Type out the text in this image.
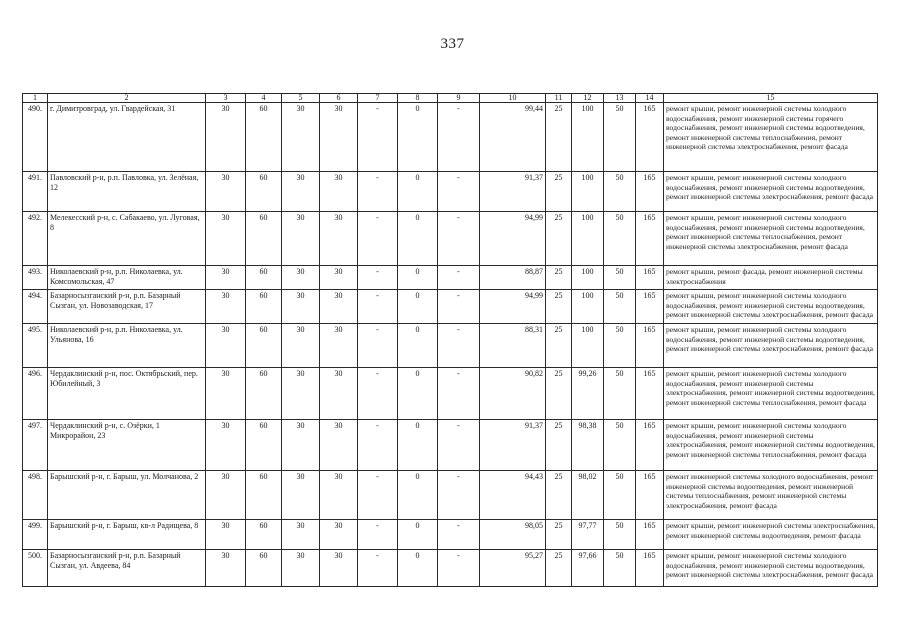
337
1	2	3	4	5	6	7	8	9	10	11	12	13	14	15
490.	г. Димитровград, ул. Гвардейская, 31	30	60	30	30	-	0	-	99,44	25	100	50	165	ремонт крыши, ремонт инженерной системы холодного водоснабжения, ремонт инженерной системы горячего водоснабжения, ремонт инженерной системы водоотведения, ремонт инженерной системы теплоснабжения, ремонт инженерной системы электроснабжения, ремонт фасада
491.	Павловский р-н, р.п. Павловка, ул. Зелёная, 12	30	60	30	30	-	0	-	91,37	25	100	50	165	ремонт крыши, ремонт инженерной системы холодного водоснабжения, ремонт инженерной системы водоотведения, ремонт инженерной системы электроснабжения, ремонт фасада
492.	Мелекесский р-н, с. Сабакаево, ул. Луговая, 8	30	60	30	30	-	0	-	94,99	25	100	50	165	ремонт крыши, ремонт инженерной системы холодного водоснабжения, ремонт инженерной системы водоотведения, ремонт инженерной системы теплоснабжения, ремонт инженерной системы электроснабжения, ремонт фасада
493.	Николаевский р-н, р.п. Николаевка, ул. Комсомольская, 47	30	60	30	30	-	0	-	88,87	25	100	50	165	ремонт крыши, ремонт фасада, ремонт инженерной системы электроснабжения
494.	Базарносызганский р-н, р.п. Базарный Сызган, ул. Новозаводская, 17	30	60	30	30	-	0	-	94,99	25	100	50	165	ремонт крыши, ремонт инженерной системы холодного водоснабжения, ремонт инженерной системы водоотведения, ремонт инженерной системы электроснабжения, ремонт фасада
495.	Николаевский р-н, р.п. Николаевка, ул. Ульянова, 16	30	60	30	30	-	0	-	88,31	25	100	50	165	ремонт крыши, ремонт инженерной системы холодного водоснабжения, ремонт инженерной системы водоотведения, ремонт инженерной системы электроснабжения, ремонт фасада
496.	Чердаклинский р-н, пос. Октябрьский, пер. Юбилейный, 3	30	60	30	30	-	0	-	90,82	25	99,26	50	165	ремонт крыши, ремонт инженерной системы холодного водоснабжения, ремонт инженерной системы электроснабжения, ремонт инженерной системы водоотведения, ремонт инженерной системы теплоснабжения, ремонт фасада
497.	Чердаклинский р-н, с. Озёрки, 1 Микрорайон, 23	30	60	30	30	-	0	-	91,37	25	98,38	50	165	ремонт крыши, ремонт инженерной системы холодного водоснабжения, ремонт инженерной системы электроснабжения, ремонт инженерной системы водоотведения, ремонт инженерной системы теплоснабжения, ремонт фасада
498.	Барышский р-н, г. Барыш, ул. Молчанова, 2	30	60	30	30	-	0	-	94,43	25	98,02	50	165	ремонт инженерной системы холодного водоснабжения, ремонт инженерной системы водоотведения, ремонт инженерной системы теплоснабжения, ремонт инженерной системы электроснабжения, ремонт фасада
499.	Барышский р-н, г. Барыш, кв-л Радищева, 8	30	60	30	30	-	0	-	98,05	25	97,77	50	165	ремонт крыши, ремонт инженерной системы электроснабжения, ремонт инженерной системы водоотведения, ремонт фасада
500.	Базарносызганский р-н, р.п. Базарный Сызган, ул. Авдеева, 84	30	60	30	30	-	0	-	95,27	25	97,66	50	165	ремонт крыши, ремонт инженерной системы холодного водоснабжения, ремонт инженерной системы водоотведения, ремонт инженерной системы электроснабжения, ремонт фасада
